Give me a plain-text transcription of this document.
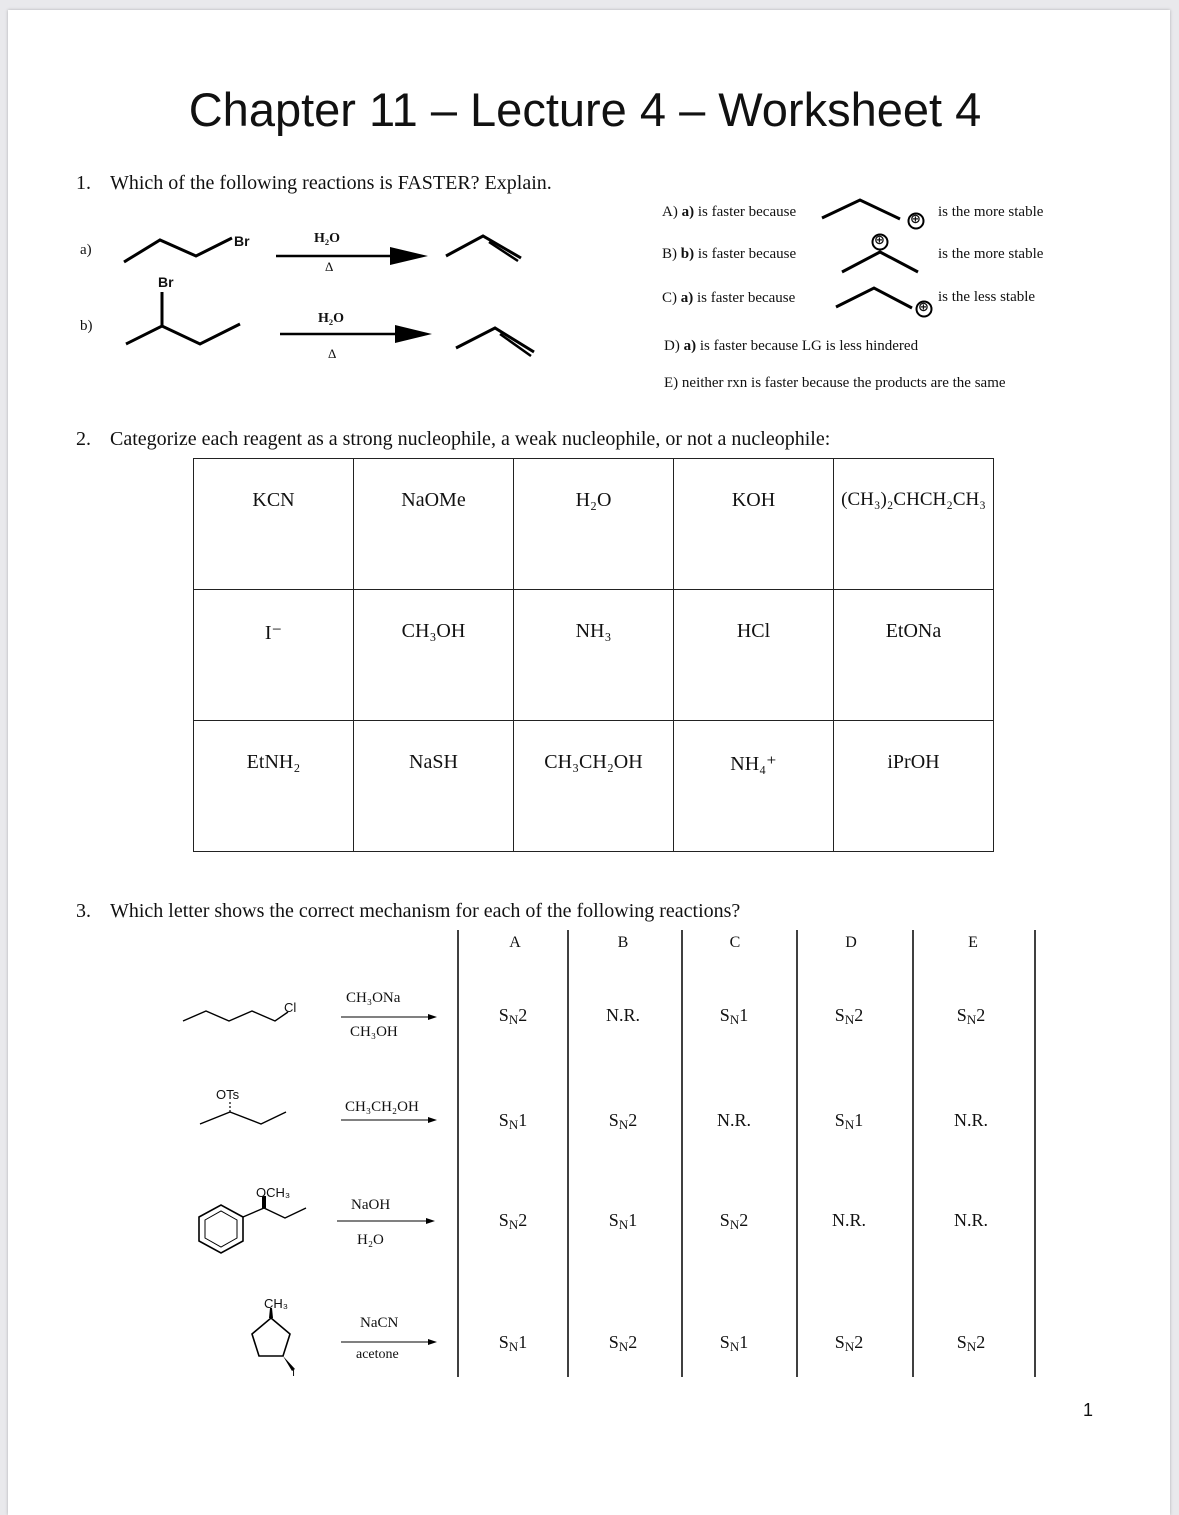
Chapter 11 – Lecture 4 – Worksheet 4
1. Which of the following reactions is FASTER? Explain.
a)
b)
Br
Br
H₂O
Δ
H₂O
Δ
⊕
⊕
⊕
A) a) is faster because	is the more stable
B) b) is faster because	is the more stable
C) a) is faster because	is the less stable
D) a) is faster because LG is less hindered
E) neither rxn is faster because the products are the same
2. Categorize each reagent as a strong nucleophile, a weak nucleophile, or not a nucleophile:
KCN	NaOMe	H₂O	KOH	(CH₃)₂CHCH₂CH₃
I⁻	CH₃OH	NH₃	HCl	EtONa
EtNH₂	NaSH	CH₃CH₂OH	NH₄⁺	iPrOH
3. Which letter shows the correct mechanism for each of the following reactions?
A	B	C	D	E
Cl
CH₃ONa
CH₃OH
OTs
CH₃CH₂OH
OCH₃
NaOH
H₂O
CH₃
I
NaCN
acetone
SN2	N.R.	SN1	SN2	SN2
SN1	SN2	N.R.	SN1	N.R.
SN2	SN1	SN2	N.R.	N.R.
SN1	SN2	SN1	SN2	SN2
1
